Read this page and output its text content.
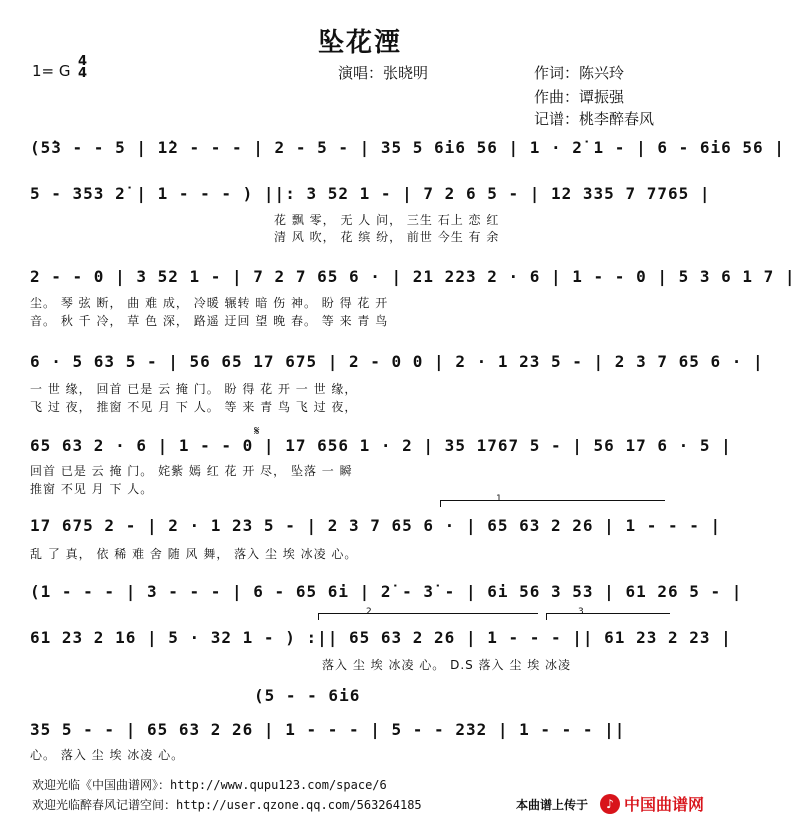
坠花湮
1= G
4
4	演唱：张晓明	作词：陈兴玲
作曲：谭振强
记谱：桃李醉春风
(5̇3 - - 5 | 1̇2 - - - | 2 - 5 - | 35 5 6i6 56 | 1 · 2̇ 1 - | 6 - 6i6 56 |
5 - 353 2̇ | 1 - - - ) ||: 3 52 1 - | 7 2 6 5 - | 12 335 7 7765 |
花 飘 零， 无 人 问， 三生 石上 恋 红
清 风 吹， 花 缤 纷， 前世 今生 有 余
2 - - 0 | 3 52 1 - | 7 2 7 65 6 · | 21 223 2 · 6 | 1 - - 0 | 5 3 6 1 7 |
尘。 琴 弦 断， 曲 难 成， 冷暖 辗转 暗 伤 神。 盼 得 花 开
音。 秋 千 冷， 草 色 深， 路遥 迂回 望 晚 春。 等 来 青 鸟
6 · 5 63 5 - | 56 65 17 675 | 2 - 0 0 | 2 · 1 23 5 - | 2 3 7 65 6 · |
一 世 缘， 回首 已是 云 掩 门。 盼 得 花 开 一 世 缘，
飞 过 夜， 推窗 不见 月 下 人。 等 来 青 鸟 飞 过 夜，
𝄋
65 63 2 · 6 | 1 - - 0 | 17 656 1 · 2 | 35 1767 5 - | 56 17 6 · 5 |
回首 已是 云 掩 门。 姹紫 嫣 红 花 开 尽， 坠落 一 瞬
推窗 不见 月 下 人。
1
17 675 2 - | 2 · 1 23 5 - | 2 3 7 65 6 · | 65 63 2 26 | 1 - - - |
乱 了 真， 依 稀 难 舍 随 风 舞， 落入 尘 埃 冰凌 心。
(1 - - - | 3 - - - | 6 - 65 6i | 2̇ - 3̇ - | 6i 56 3 53 | 61 26 5 - |
2	3
61 23 2 16 | 5 · 32 1 - ) :|| 65 63 2 26 | 1 - - - || 61 23 2 23 |
落入 尘 埃 冰凌 心。 D.S 落入 尘 埃 冰凌
(5 - - 6i6
35 5 - - | 65 63 2 26 | 1 - - - | 5 - - 232 | 1 - - - ||
心。 落入 尘 埃 冰凌 心。
欢迎光临《中国曲谱网》：http://www.qupu123.com/space/6
欢迎光临醉春风记谱空间：http://user.qzone.qq.com/563264185	本曲谱上传于	♪ 中国曲谱网
